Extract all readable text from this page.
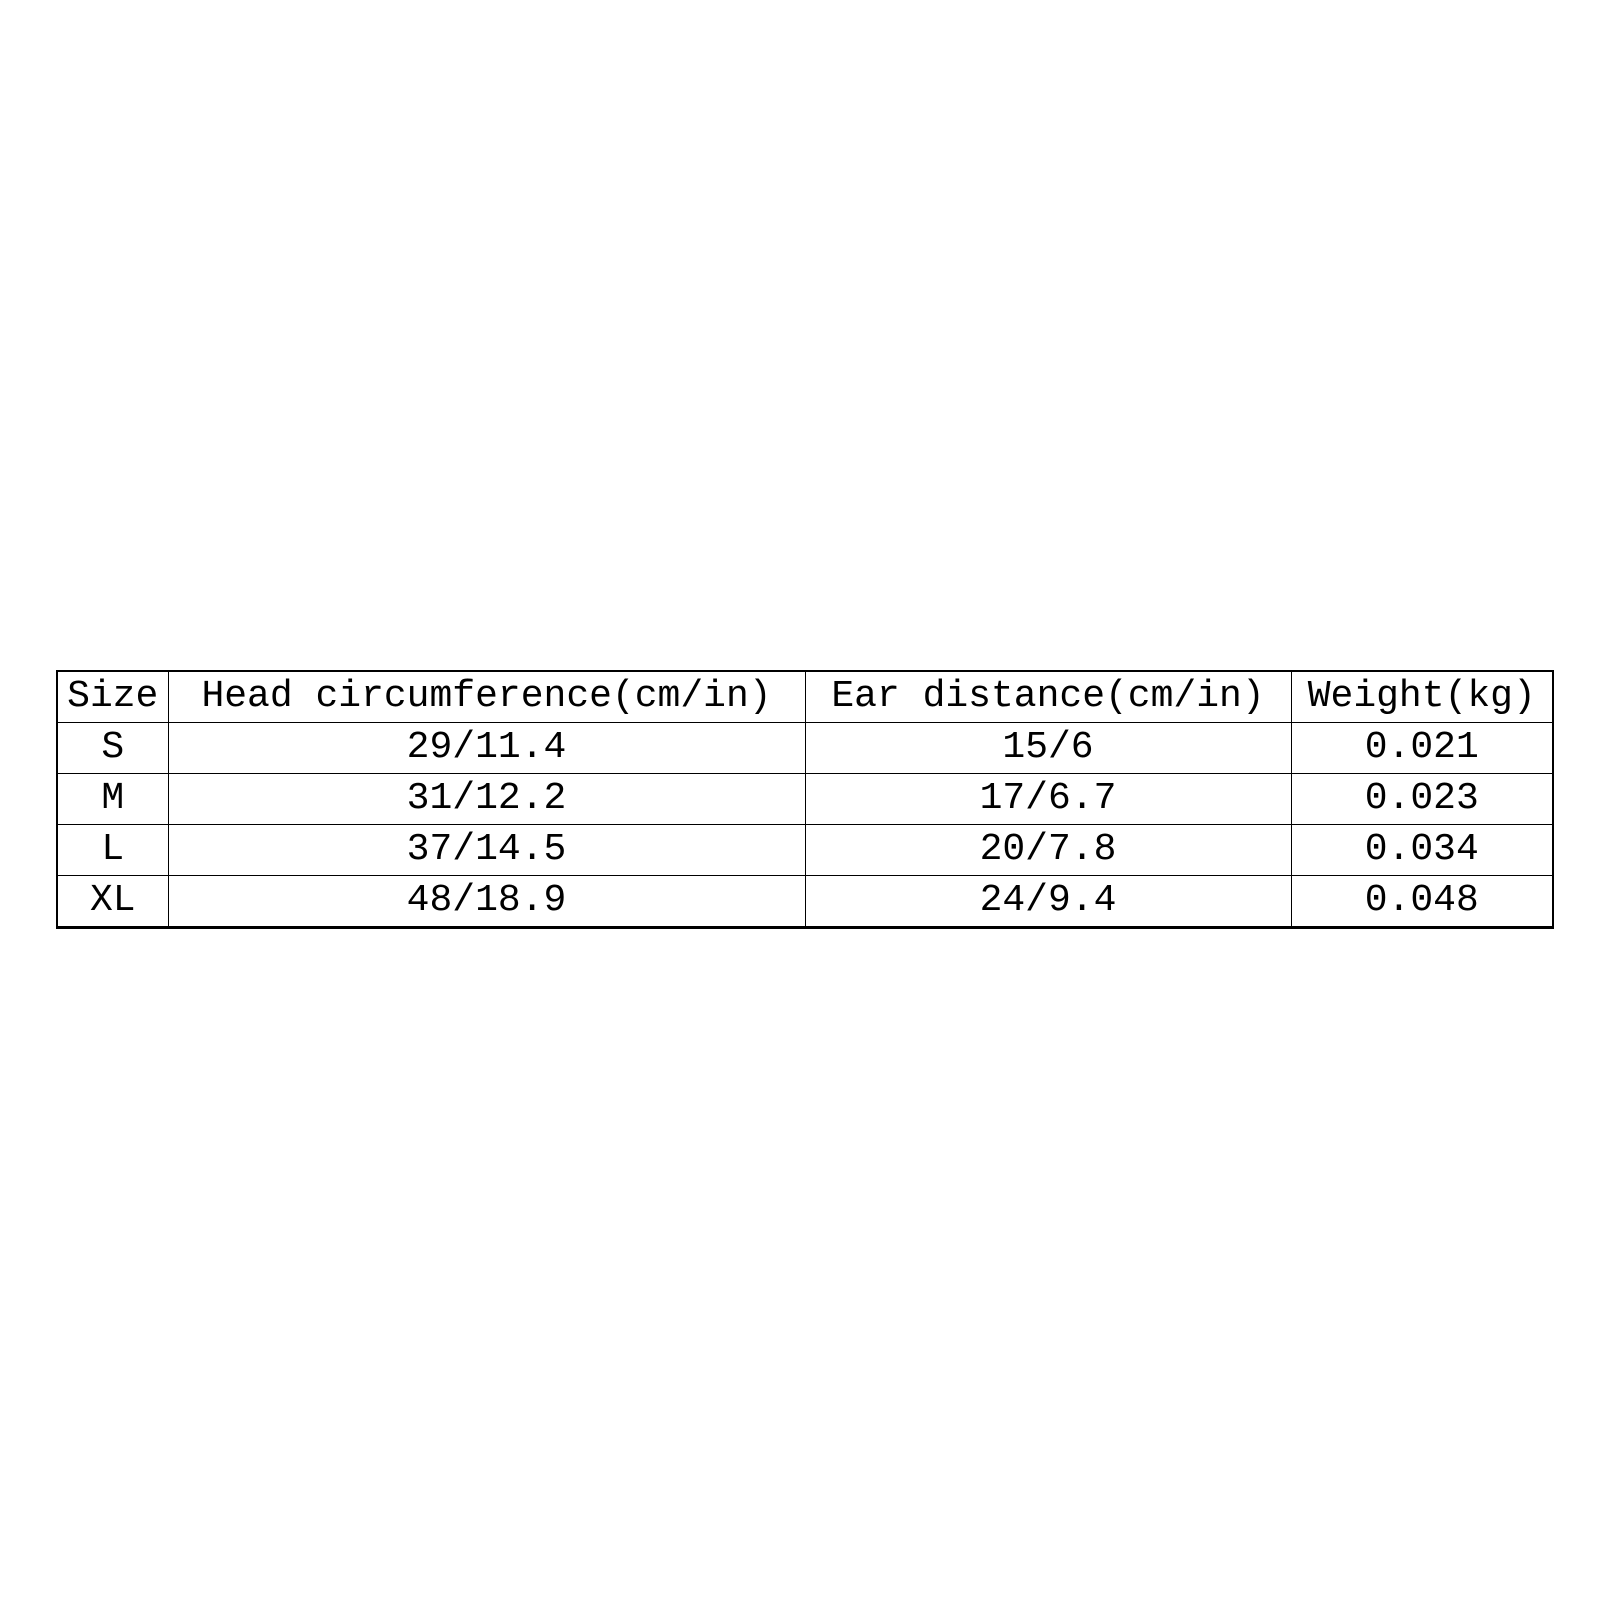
Size	Head circumference(cm/in)	Ear distance(cm/in)	Weight(kg)
S	29/11.4	15/6	0.021
M	31/12.2	17/6.7	0.023
L	37/14.5	20/7.8	0.034
XL	48/18.9	24/9.4	0.048
